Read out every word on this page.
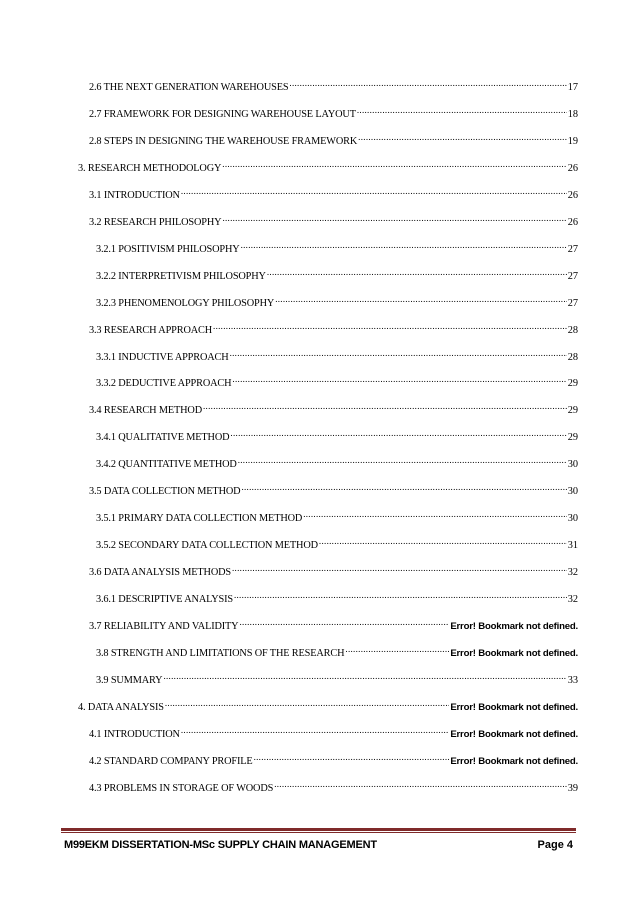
2.6 THE NEXT GENERATION WAREHOUSES .....	17
2.7 FRAMEWORK FOR DESIGNING WAREHOUSE LAYOUT .....	18
2.8 STEPS IN DESIGNING THE WAREHOUSE FRAMEWORK .....	19
3. RESEARCH METHODOLOGY .....	26
3.1 INTRODUCTION .....	26
3.2 RESEARCH PHILOSOPHY .....	26
3.2.1 POSITIVISM PHILOSOPHY .....	27
3.2.2 INTERPRETIVISM PHILOSOPHY .....	27
3.2.3 PHENOMENOLOGY PHILOSOPHY .....	27
3.3 RESEARCH APPROACH .....	28
3.3.1 INDUCTIVE APPROACH .....	28
3.3.2 DEDUCTIVE APPROACH .....	29
3.4 RESEARCH METHOD .....	29
3.4.1 QUALITATIVE METHOD .....	29
3.4.2 QUANTITATIVE METHOD .....	30
3.5 DATA COLLECTION METHOD .....	30
3.5.1 PRIMARY DATA COLLECTION METHOD .....	30
3.5.2 SECONDARY DATA COLLECTION METHOD .....	31
3.6 DATA ANALYSIS METHODS .....	32
3.6.1 DESCRIPTIVE ANALYSIS .....	32
3.7 RELIABILITY AND VALIDITY .....	Error! Bookmark not defined.
3.8 STRENGTH AND LIMITATIONS OF THE RESEARCH .....	Error! Bookmark not defined.
3.9 SUMMARY .....	33
4. DATA ANALYSIS .....	Error! Bookmark not defined.
4.1 INTRODUCTION .....	Error! Bookmark not defined.
4.2 STANDARD COMPANY PROFILE .....	Error! Bookmark not defined.
4.3 PROBLEMS IN STORAGE OF WOODS .....	39
M99EKM DISSERTATION-MSc SUPPLY CHAIN MANAGEMENT	Page 4
